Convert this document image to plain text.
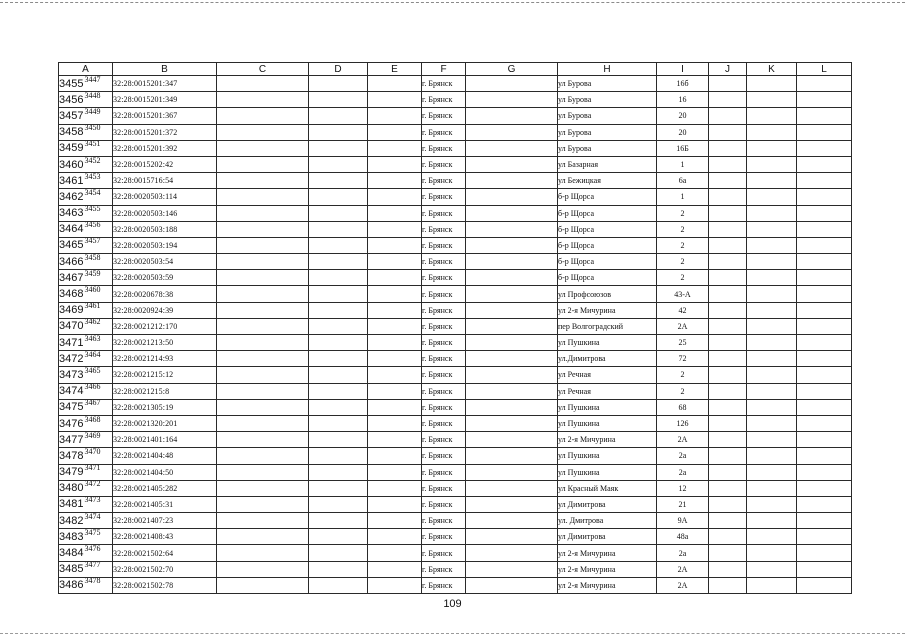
A	B	C	D	E	F	G	H	I	J	K	L
$3455^{3447}$	32:28:0015201:347				г. Брянск		ул Бурова	16б			
$3456^{3448}$	32:28:0015201:349				г. Брянск		ул Бурова	16			
$3457^{3449}$	32:28:0015201:367				г. Брянск		ул Бурова	20			
$3458^{3450}$	32:28:0015201:372				г. Брянск		ул Бурова	20			
$3459^{3451}$	32:28:0015201:392				г. Брянск		ул Бурова	16Б			
$3460^{3452}$	32:28:0015202:42				г. Брянск		ул Базарная	1			
$3461^{3453}$	32:28:0015716:54				г. Брянск		ул Бежицкая	6а			
$3462^{3454}$	32:28:0020503:114				г. Брянск		б-р Щорса	1			
$3463^{3455}$	32:28:0020503:146				г. Брянск		б-р Щорса	2			
$3464^{3456}$	32:28:0020503:188				г. Брянск		б-р Щорса	2			
$3465^{3457}$	32:28:0020503:194				г. Брянск		б-р Щорса	2			
$3466^{3458}$	32:28:0020503:54				г. Брянск		б-р Щорса	2			
$3467^{3459}$	32:28:0020503:59				г. Брянск		б-р Щорса	2			
$3468^{3460}$	32:28:0020678:38				г. Брянск		ул Профсоюзов	43-А			
$3469^{3461}$	32:28:0020924:39				г. Брянск		ул 2-я Мичурина	42			
$3470^{3462}$	32:28:0021212:170				г. Брянск		пер Волгоградский	2А			
$3471^{3463}$	32:28:0021213:50				г. Брянск		ул Пушкина	25			
$3472^{3464}$	32:28:0021214:93				г. Брянск		ул.Димитрова	72			
$3473^{3465}$	32:28:0021215:12				г. Брянск		ул Речная	2			
$3474^{3466}$	32:28:0021215:8				г. Брянск		ул Речная	2			
$3475^{3467}$	32:28:0021305:19				г. Брянск		ул Пушкина	68			
$3476^{3468}$	32:28:0021320:201				г. Брянск		ул Пушкина	126			
$3477^{3469}$	32:28:0021401:164				г. Брянск		ул 2-я Мичурина	2А			
$3478^{3470}$	32:28:0021404:48				г. Брянск		ул Пушкина	2а			
$3479^{3471}$	32:28:0021404:50				г. Брянск		ул Пушкина	2а			
$3480^{3472}$	32:28:0021405:282				г. Брянск		ул Красный Маяк	12			
$3481^{3473}$	32:28:0021405:31				г. Брянск		ул Димитрова	21			
$3482^{3474}$	32:28:0021407:23				г. Брянск		ул. Дмитрова	9А			
$3483^{3475}$	32:28:0021408:43				г. Брянск		ул Димитрова	48а			
$3484^{3476}$	32:28:0021502:64				г. Брянск		ул 2-я Мичурина	2а			
$3485^{3477}$	32:28:0021502:70				г. Брянск		ул 2-я Мичурина	2А			
$3486^{3478}$	32:28:0021502:78				г. Брянск		ул 2-я Мичурина	2А			
109
